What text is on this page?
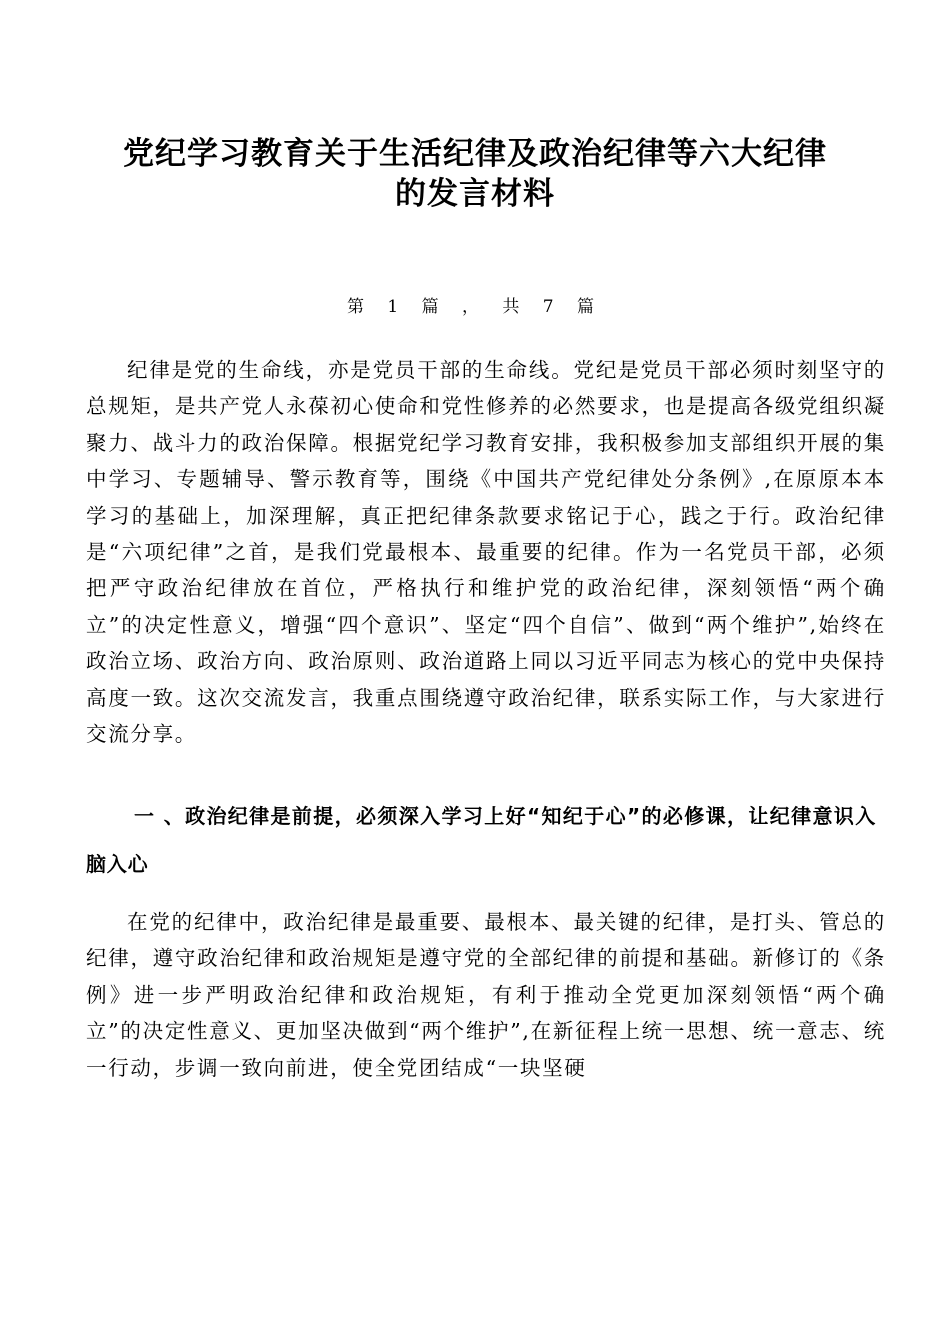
党纪学习教育关于生活纪律及政治纪律等六大纪律
的发言材料
第 1 篇 ， 共 7 篇

纪律是党的生命线，亦是党员干部的生命线。党纪是党员干部必须时刻坚守的总规矩，是共产党人永葆初心使命和党性修养的必然要求，也是提高各级党组织凝聚力、战斗力的政治保障。根据党纪学习教育安排，我积极参加支部组织开展的集中学习、专题辅导、警示教育等，围绕《中国共产党纪律处分条例》,在原原本本学习的基础上，加深理解，真正把纪律条款要求铭记于心，践之于行。政治纪律是“六项纪律”之首，是我们党最根本、最重要的纪律。作为一名党员干部，必须把严守政治纪律放在首位，严格执行和维护党的政治纪律，深刻领悟“两个确立”的决定性意义，增强“四个意识”、坚定“四个自信”、做到“两个维护”,始终在政治立场、政治方向、政治原则、政治道路上同以习近平同志为核心的党中央保持高度一致。这次交流发言，我重点围绕遵守政治纪律，联系实际工作，与大家进行交流分享。

一 、政治纪律是前提，必须深入学习上好“知纪于心”的必修课，让纪律意识入脑入心

在党的纪律中，政治纪律是最重要、最根本、最关键的纪律，是打头、管总的纪律，遵守政治纪律和政治规矩是遵守党的全部纪律的前提和基础。新修订的《条例》进一步严明政治纪律和政治规矩，有利于推动全党更加深刻领悟“两个确立”的决定性意义、更加坚决做到“两个维护”,在新征程上统一思想、统一意志、统一行动，步调一致向前进，使全党团结成“一块坚硬
